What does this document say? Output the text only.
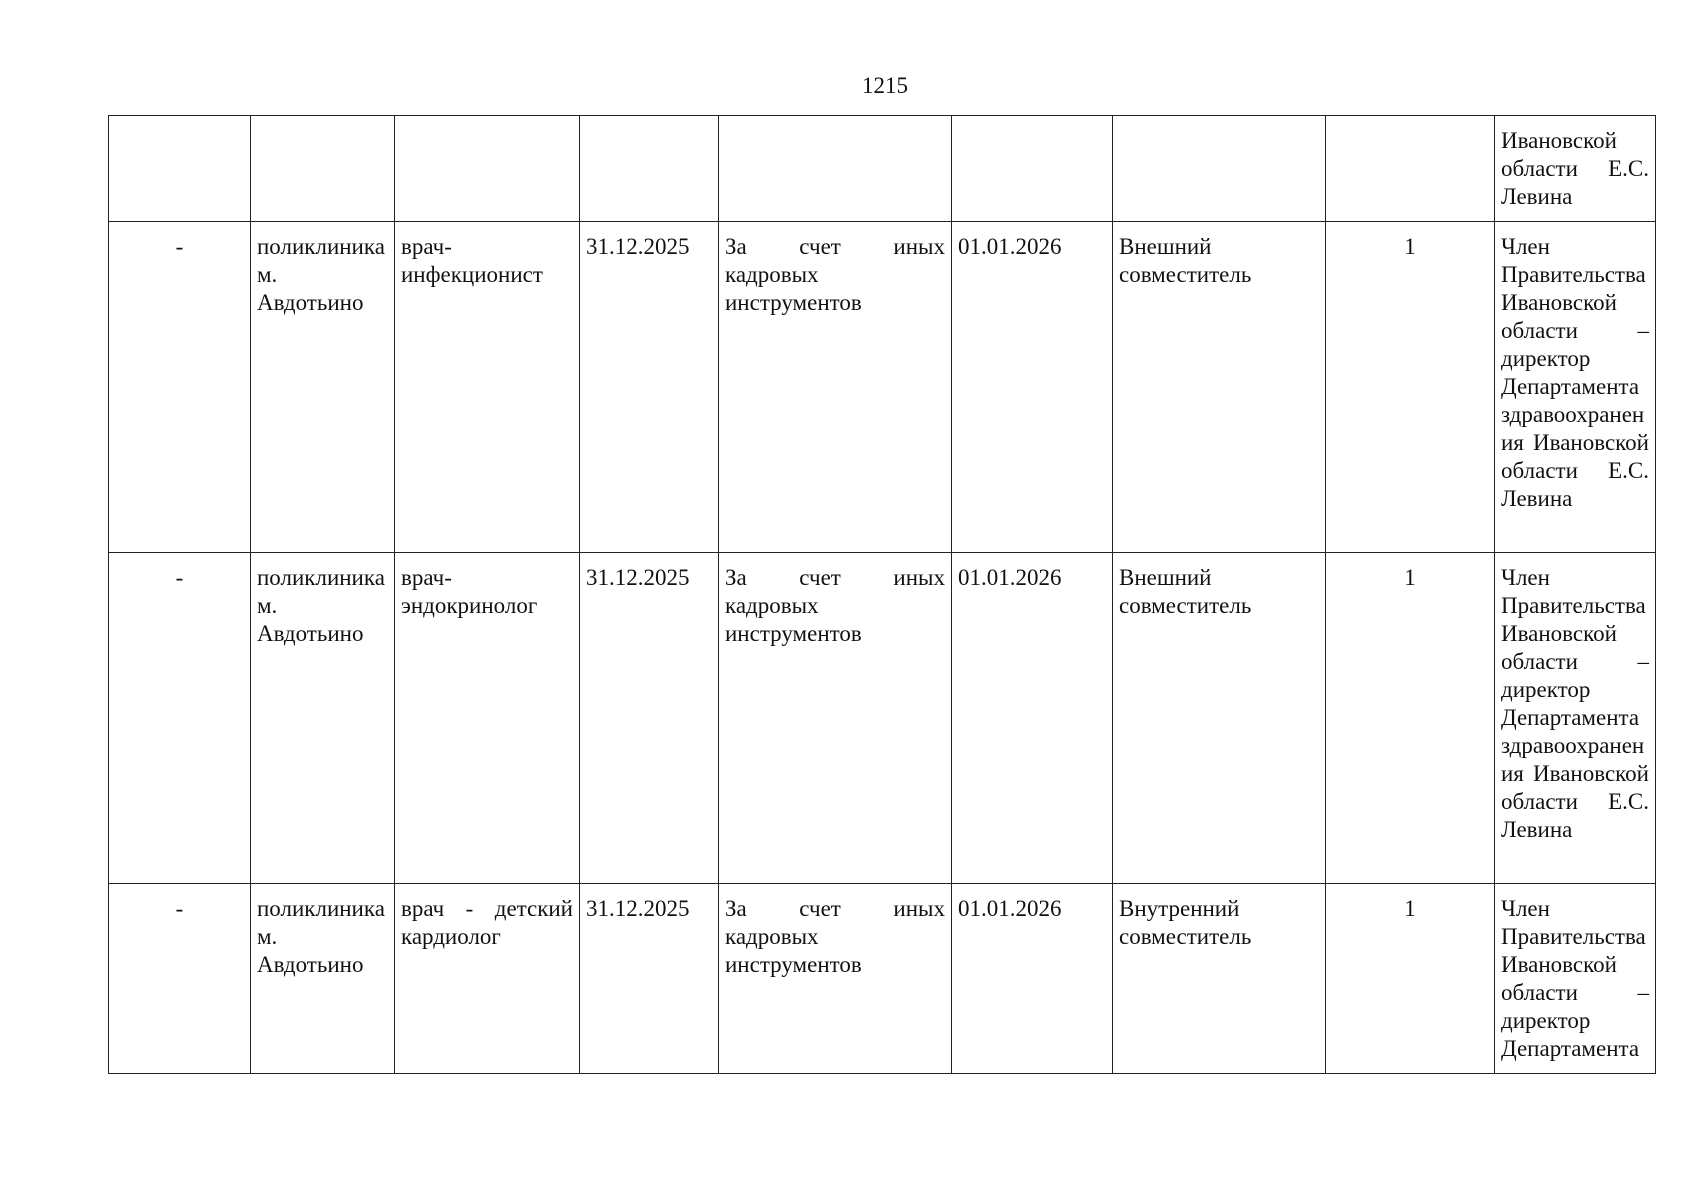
1215

								Ивановской области Е.С. Левина

-	поликлиника м. Авдотьино	врач-инфекционист	31.12.2025	За счет иных кадровых инструментов	01.01.2026	Внешний совместитель	1	Член Правительства Ивановской области – директор Департамента здравоохранения Ивановской области Е.С. Левина

-	поликлиника м. Авдотьино	врач-эндокринолог	31.12.2025	За счет иных кадровых инструментов	01.01.2026	Внешний совместитель	1	Член Правительства Ивановской области – директор Департамента здравоохранения Ивановской области Е.С. Левина

-	поликлиника м. Авдотьино	врач - детский кардиолог	31.12.2025	За счет иных кадровых инструментов	01.01.2026	Внутренний совместитель	1	Член Правительства Ивановской области – директор Департамента
